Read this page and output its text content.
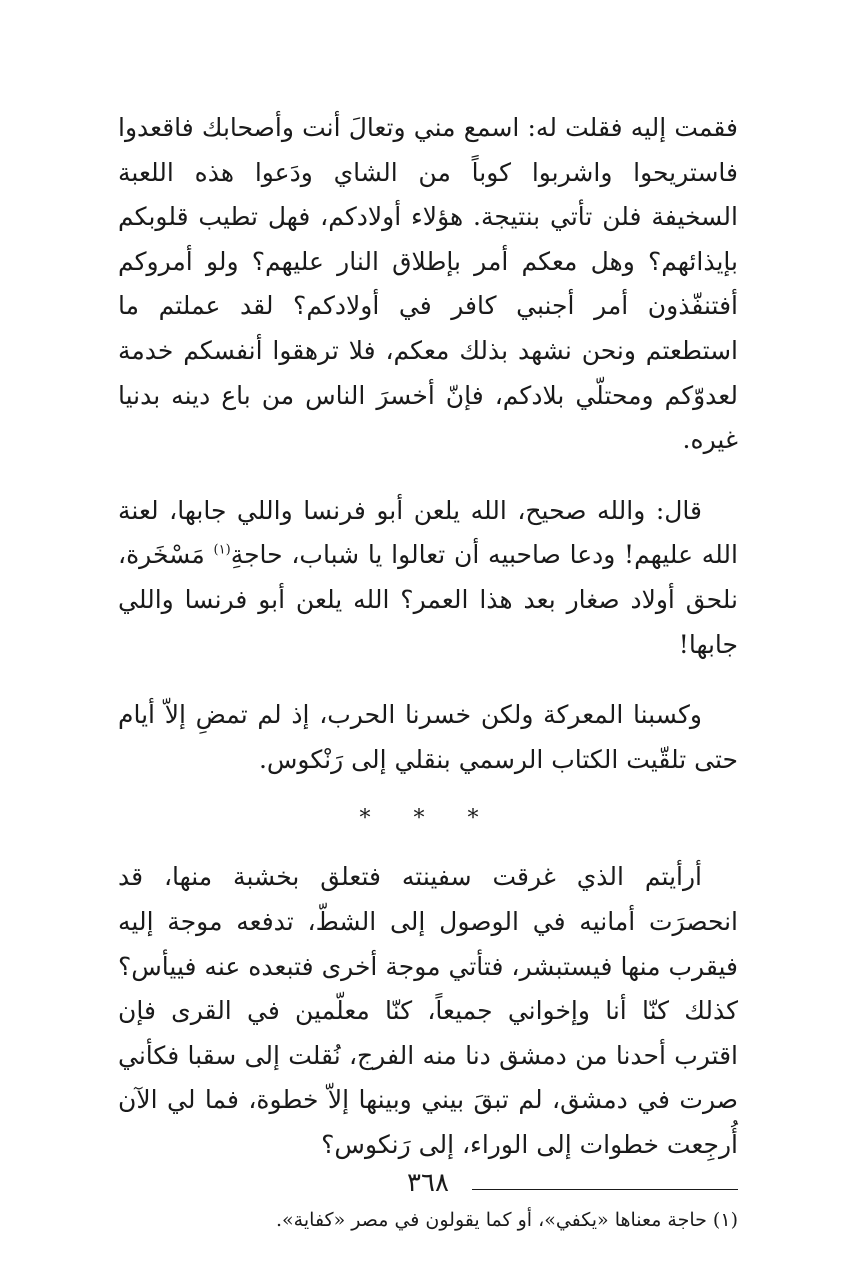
فقمت إليه فقلت له: اسمع مني وتعالَ أنت وأصحابك فاقعدوا فاستريحوا واشربوا كوباً من الشاي ودَعوا هذه اللعبة السخيفة فلن تأتي بنتيجة. هؤلاء أولادكم، فهل تطيب قلوبكم بإيذائهم؟ وهل معكم أمر بإطلاق النار عليهم؟ ولو أمروكم أفتنفّذون أمر أجنبي كافر في أولادكم؟ لقد عملتم ما استطعتم ونحن نشهد بذلك معكم، فلا ترهقوا أنفسكم خدمة لعدوّكم ومحتلّي بلادكم، فإنّ أخسرَ الناس من باع دينه بدنيا غيره.

قال: والله صحيح، الله يلعن أبو فرنسا واللي جابها، لعنة الله عليهم! ودعا صاحبيه أن تعالوا يا شباب، حاجةِ$^{(١)}$ مَسْخَرة، نلحق أولاد صغار بعد هذا العمر؟ الله يلعن أبو فرنسا واللي جابها!

وكسبنا المعركة ولكن خسرنا الحرب، إذ لم تمضِ إلاّ أيام حتى تلقّيت الكتاب الرسمي بنقلي إلى رَنْكوس.

* * *

أرأيتم الذي غرقت سفينته فتعلق بخشبة منها، قد انحصرَت أمانيه في الوصول إلى الشطّ، تدفعه موجة إليه فيقرب منها فيستبشر، فتأتي موجة أخرى فتبعده عنه فييأس؟ كذلك كنّا أنا وإخواني جميعاً، كنّا معلّمين في القرى فإن اقترب أحدنا من دمشق دنا منه الفرج، نُقلت إلى سقبا فكأني صرت في دمشق، لم تبقَ بيني وبينها إلاّ خطوة، فما لي الآن أُرجِعت خطوات إلى الوراء، إلى رَنكوس؟

(١) حاجة معناها «يكفي»، أو كما يقولون في مصر «كفاية».

٣٦٨
